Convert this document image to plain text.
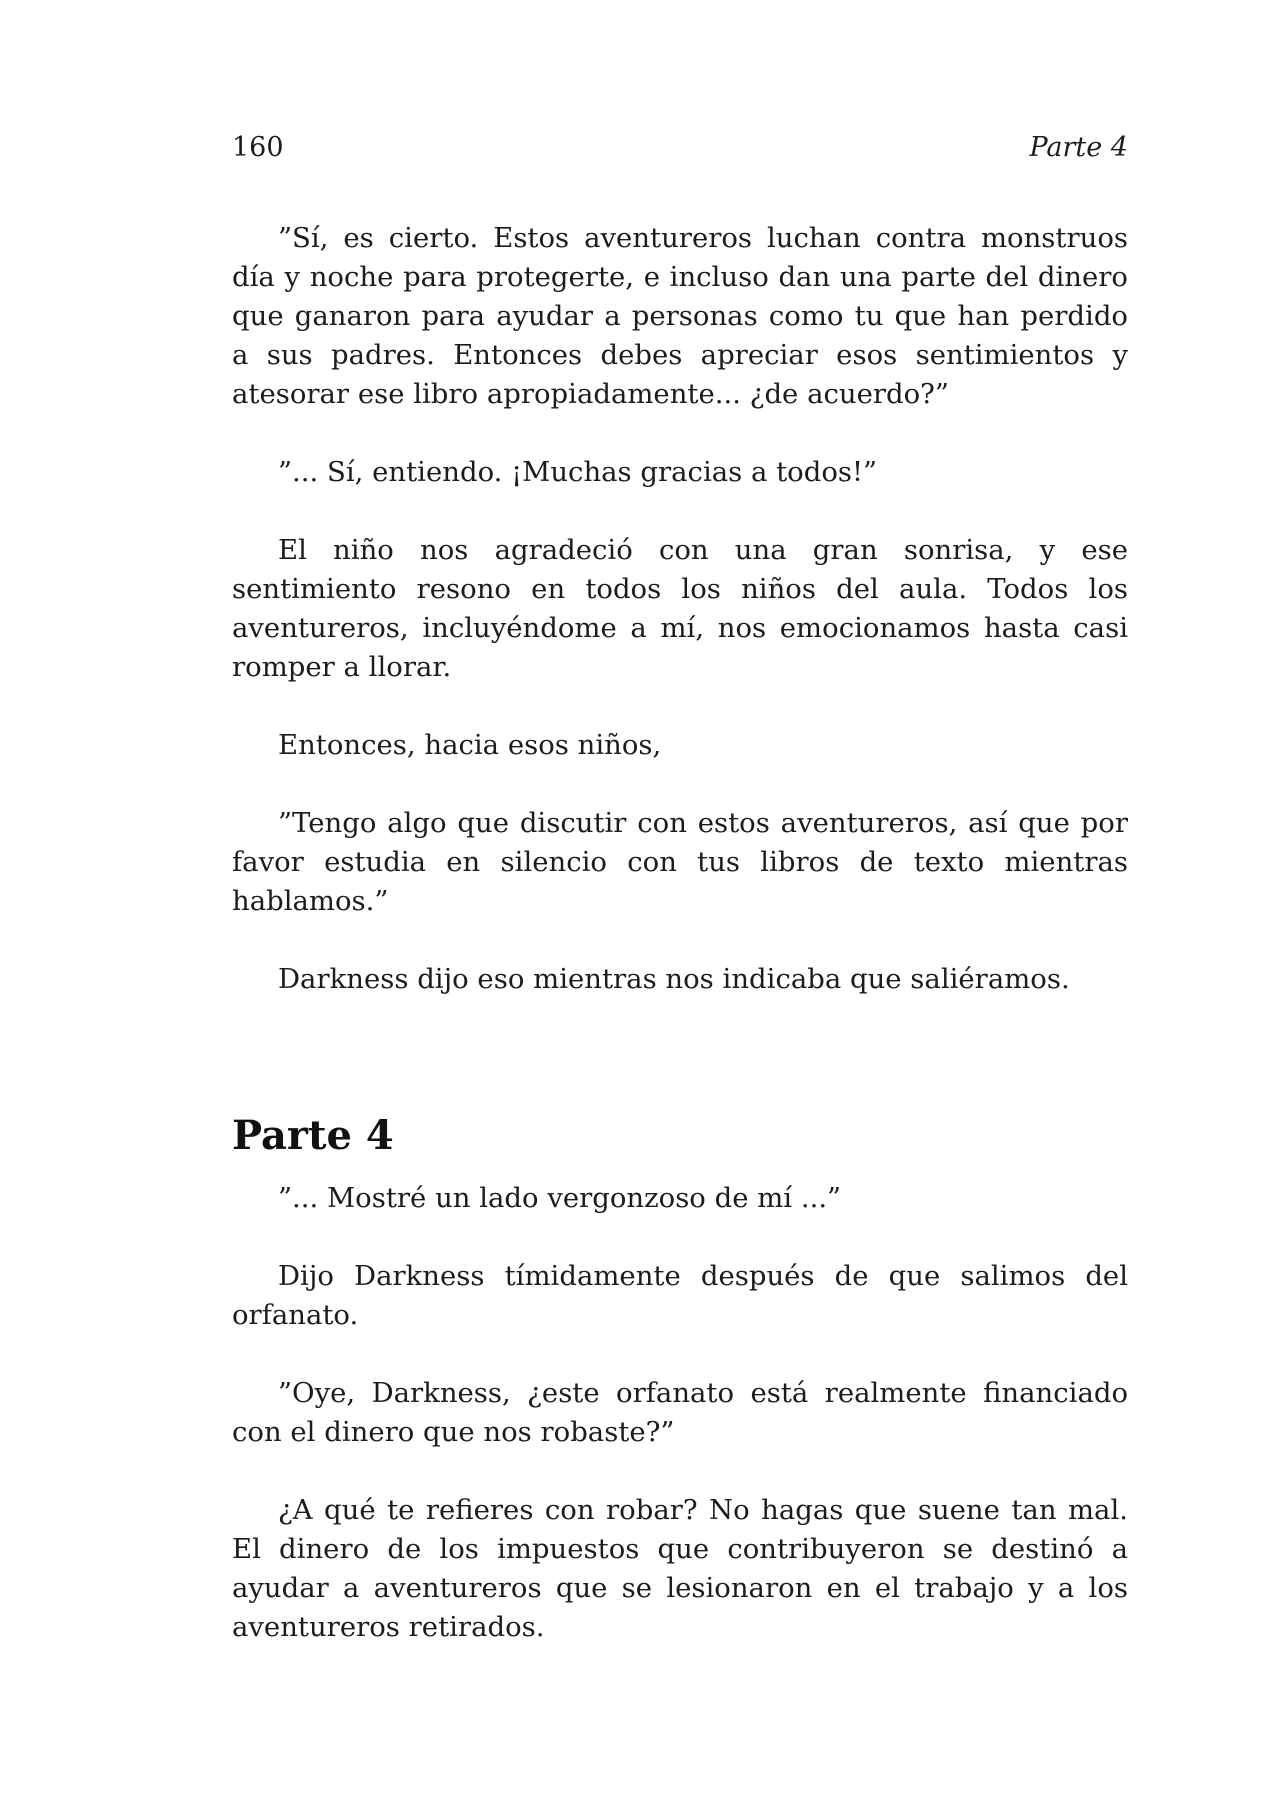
160	Parte 4

”Sí, es cierto. Estos aventureros luchan contra monstruos día y noche para protegerte, e incluso dan una parte del dinero que ganaron para ayudar a personas como tu que han perdido a sus padres. Entonces debes apreciar esos sentimientos y atesorar ese libro apropiadamente... ¿de acuerdo?”

”... Sí, entiendo. ¡Muchas gracias a todos!”

El niño nos agradeció con una gran sonrisa, y ese sentimiento resono en todos los niños del aula. Todos los aventureros, incluyéndome a mí, nos emocionamos hasta casi romper a llorar.

Entonces, hacia esos niños,

”Tengo algo que discutir con estos aventureros, así que por favor estudia en silencio con tus libros de texto mientras hablamos.”

Darkness dijo eso mientras nos indicaba que saliéramos.

Parte 4

”... Mostré un lado vergonzoso de mí ...”

Dijo Darkness tímidamente después de que salimos del orfanato.

”Oye, Darkness, ¿este orfanato está realmente financiado con el dinero que nos robaste?”

¿A qué te refieres con robar? No hagas que suene tan mal. El dinero de los impuestos que contribuyeron se destinó a ayudar a aventureros que se lesionaron en el trabajo y a los aventureros retirados.
